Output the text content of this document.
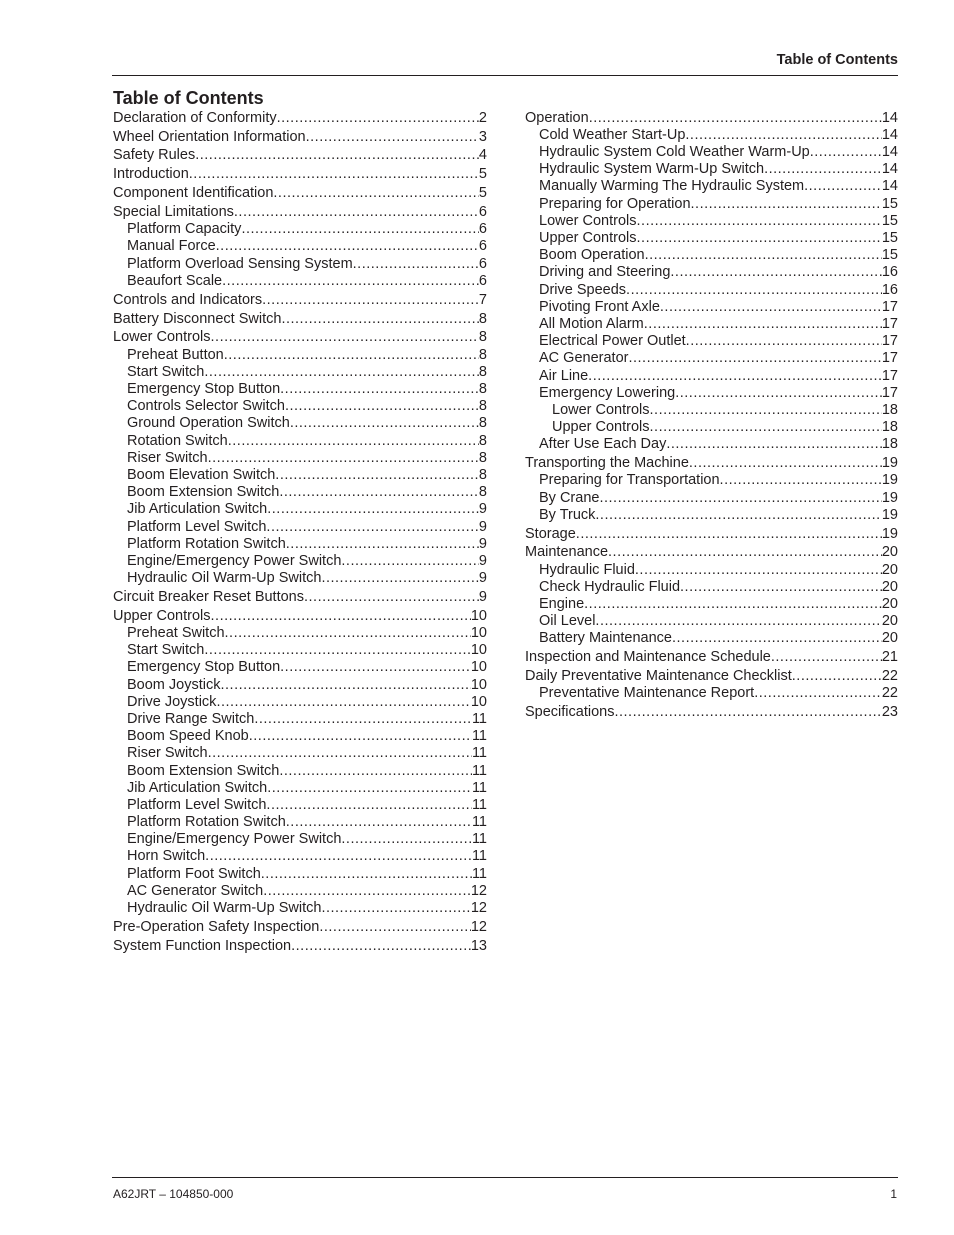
Table of Contents
Table of Contents
Declaration of Conformity .....	2
Wheel Orientation Information .....	3
Safety Rules .....	4
Introduction .....	5
Component Identification .....	5
Special Limitations .....	6
Platform Capacity .....	6
Manual Force .....	6
Platform Overload Sensing System .....	6
Beaufort Scale .....	6
Controls and Indicators .....	7
Battery Disconnect Switch .....	8
Lower Controls .....	8
Preheat Button .....	8
Start Switch .....	8
Emergency Stop Button .....	8
Controls Selector Switch .....	8
Ground Operation Switch .....	8
Rotation Switch .....	8
Riser Switch .....	8
Boom Elevation Switch .....	8
Boom Extension Switch .....	8
Jib Articulation Switch .....	9
Platform Level Switch .....	9
Platform Rotation Switch .....	9
Engine/Emergency Power Switch .....	9
Hydraulic Oil Warm-Up Switch .....	9
Circuit Breaker Reset Buttons .....	9
Upper Controls .....	10
Preheat Switch .....	10
Start Switch .....	10
Emergency Stop Button .....	10
Boom Joystick .....	10
Drive Joystick .....	10
Drive Range Switch .....	11
Boom Speed Knob .....	11
Riser Switch .....	11
Boom Extension Switch .....	11
Jib Articulation Switch .....	11
Platform Level Switch .....	11
Platform Rotation Switch .....	11
Engine/Emergency Power Switch .....	11
Horn Switch .....	11
Platform Foot Switch .....	11
AC Generator Switch .....	12
Hydraulic Oil Warm-Up Switch .....	12
Pre-Operation Safety Inspection .....	12
System Function Inspection .....	13
Operation .....	14
Cold Weather Start-Up .....	14
Hydraulic System Cold Weather Warm-Up .....	14
Hydraulic System Warm-Up Switch .....	14
Manually Warming The Hydraulic System .....	14
Preparing for Operation .....	15
Lower Controls .....	15
Upper Controls .....	15
Boom Operation .....	15
Driving and Steering .....	16
Drive Speeds .....	16
Pivoting Front Axle .....	17
All Motion Alarm .....	17
Electrical Power Outlet .....	17
AC Generator .....	17
Air Line .....	17
Emergency Lowering .....	17
Lower Controls .....	18
Upper Controls .....	18
After Use Each Day .....	18
Transporting the Machine .....	19
Preparing for Transportation .....	19
By Crane .....	19
By Truck .....	19
Storage .....	19
Maintenance .....	20
Hydraulic Fluid .....	20
Check Hydraulic Fluid .....	20
Engine .....	20
Oil Level .....	20
Battery Maintenance .....	20
Inspection and Maintenance Schedule .....	21
Daily Preventative Maintenance Checklist .....	22
Preventative Maintenance Report .....	22
Specifications .....	23
A62JRT – 104850-000	1
